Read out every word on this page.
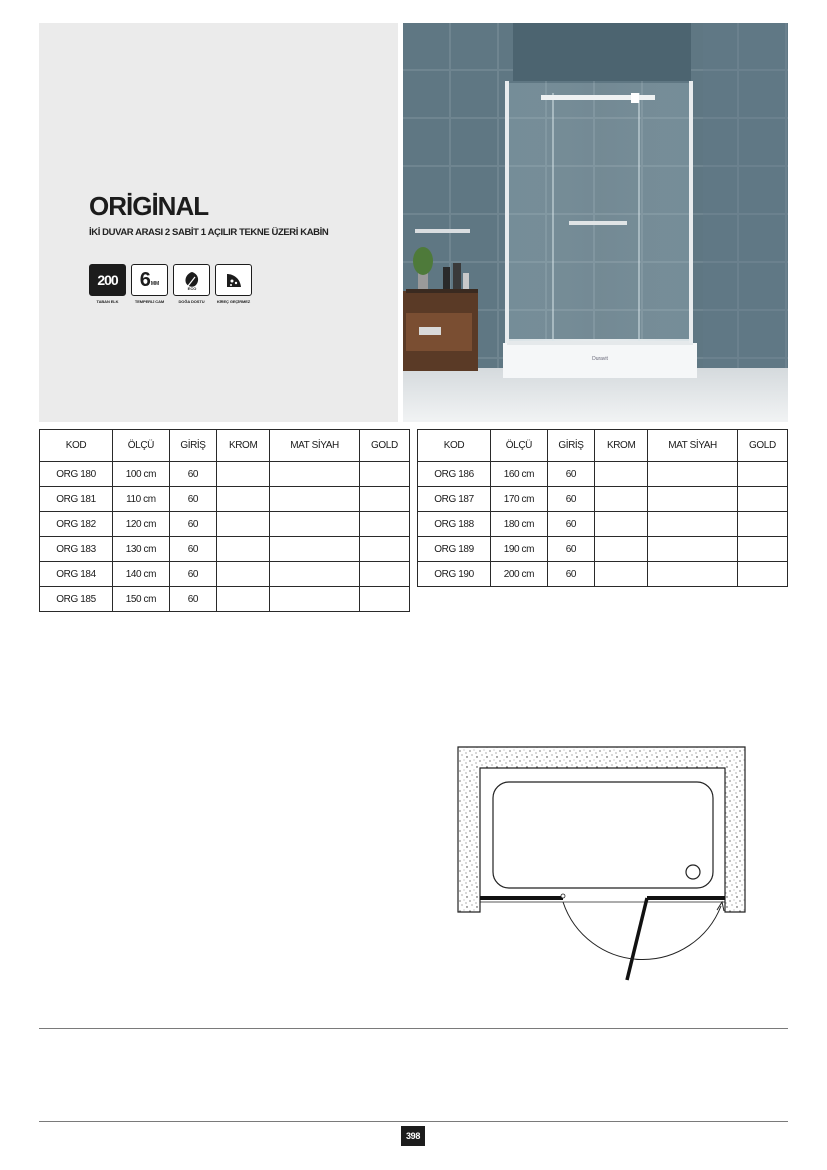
ORİGİNAL
İKİ DUVAR ARASI 2 SABİT 1 AÇILIR TEKNE ÜZERİ KABİN
200
TABAN ELK
6 MM
TEMPERLİ CAM
ECO
DOĞA DOSTU	KİREÇ GEÇİRMEZ
Duravit
KOD	ÖLÇÜ	GİRİŞ	KROM	MAT SİYAH	GOLD
ORG 180	100 cm	60			
ORG 181	110 cm	60			
ORG 182	120 cm	60			
ORG 183	130 cm	60			
ORG 184	140 cm	60			
ORG 185	150 cm	60			
KOD	ÖLÇÜ	GİRİŞ	KROM	MAT SİYAH	GOLD
ORG 186	160 cm	60			
ORG 187	170 cm	60			
ORG 188	180 cm	60			
ORG 189	190 cm	60			
ORG 190	200 cm	60			
398
